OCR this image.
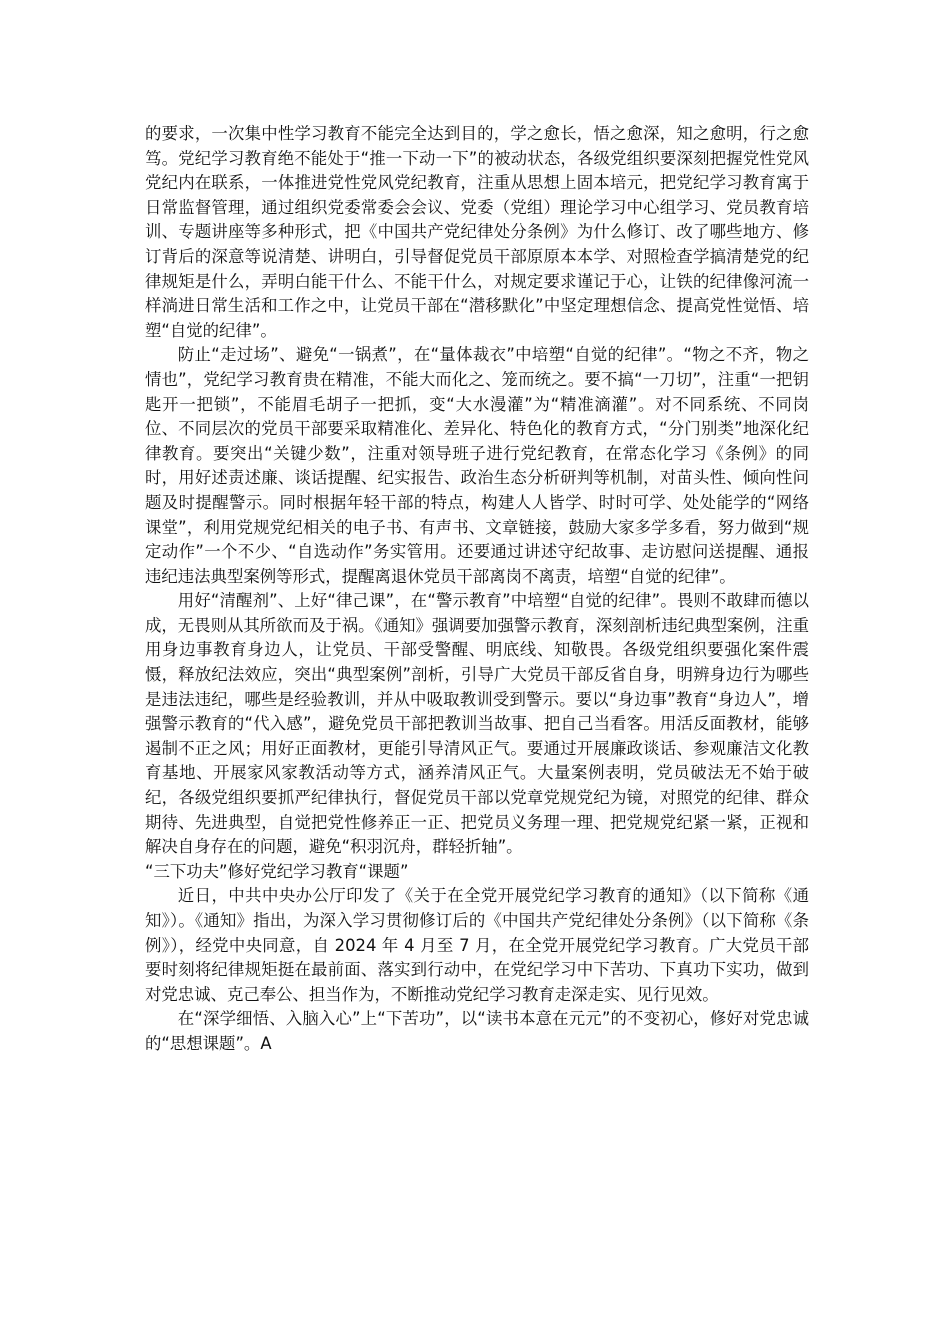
的要求，一次集中性学习教育不能完全达到目的，学之愈长，悟之愈深，知之愈明，行之愈笃。党纪学习教育绝不能处于“推一下动一下”的被动状态，各级党组织要深刻把握党性党风党纪内在联系，一体推进党性党风党纪教育，注重从思想上固本培元，把党纪学习教育寓于日常监督管理，通过组织党委常委会会议、党委（党组）理论学习中心组学习、党员教育培训、专题讲座等多种形式，把《中国共产党纪律处分条例》为什么修订、改了哪些地方、修订背后的深意等说清楚、讲明白，引导督促党员干部原原本本学、对照检查学搞清楚党的纪律规矩是什么，弄明白能干什么、不能干什么，对规定要求谨记于心，让铁的纪律像河流一样淌进日常生活和工作之中，让党员干部在“潜移默化”中坚定理想信念、提高党性觉悟、培塑“自觉的纪律”。

防止“走过场”、避免“一锅煮”，在“量体裁衣”中培塑“自觉的纪律”。“物之不齐，物之情也”，党纪学习教育贵在精准，不能大而化之、笼而统之。要不搞“一刀切”，注重“一把钥匙开一把锁”，不能眉毛胡子一把抓，变“大水漫灌”为“精准滴灌”。对不同系统、不同岗位、不同层次的党员干部要采取精准化、差异化、特色化的教育方式，“分门别类”地深化纪律教育。要突出“关键少数”，注重对领导班子进行党纪教育，在常态化学习《条例》的同时，用好述责述廉、谈话提醒、纪实报告、政治生态分析研判等机制，对苗头性、倾向性问题及时提醒警示。同时根据年轻干部的特点，构建人人皆学、时时可学、处处能学的“网络课堂”，利用党规党纪相关的电子书、有声书、文章链接，鼓励大家多学多看，努力做到“规定动作”一个不少、“自选动作”务实管用。还要通过讲述守纪故事、走访慰问送提醒、通报违纪违法典型案例等形式，提醒离退休党员干部离岗不离责，培塑“自觉的纪律”。

用好“清醒剂”、上好“律己课”，在“警示教育”中培塑“自觉的纪律”。畏则不敢肆而德以成，无畏则从其所欲而及于祸。《通知》强调要加强警示教育，深刻剖析违纪典型案例，注重用身边事教育身边人，让党员、干部受警醒、明底线、知敬畏。各级党组织要强化案件震慑，释放纪法效应，突出“典型案例”剖析，引导广大党员干部反省自身，明辨身边行为哪些是违法违纪，哪些是经验教训，并从中吸取教训受到警示。要以“身边事”教育“身边人”，增强警示教育的“代入感”，避免党员干部把教训当故事、把自己当看客。用活反面教材，能够遏制不正之风；用好正面教材，更能引导清风正气。要通过开展廉政谈话、参观廉洁文化教育基地、开展家风家教活动等方式，涵养清风正气。大量案例表明，党员破法无不始于破纪，各级党组织要抓严纪律执行，督促党员干部以党章党规党纪为镜，对照党的纪律、群众期待、先进典型，自觉把党性修养正一正、把党员义务理一理、把党规党纪紧一紧，正视和解决自身存在的问题，避免“积羽沉舟，群轻折轴”。

“三下功夫”修好党纪学习教育“课题”

近日，中共中央办公厅印发了《关于在全党开展党纪学习教育的通知》（以下简称《通知》）。《通知》指出，为深入学习贯彻修订后的《中国共产党纪律处分条例》（以下简称《条例》），经党中央同意，自 2024 年 4 月至 7 月，在全党开展党纪学习教育。广大党员干部要时刻将纪律规矩挺在最前面、落实到行动中，在党纪学习中下苦功、下真功下实功，做到对党忠诚、克己奉公、担当作为，不断推动党纪学习教育走深走实、见行见效。

在“深学细悟、入脑入心”上“下苦功”，以“读书本意在元元”的不变初心，修好对党忠诚的“思想课题”。A
